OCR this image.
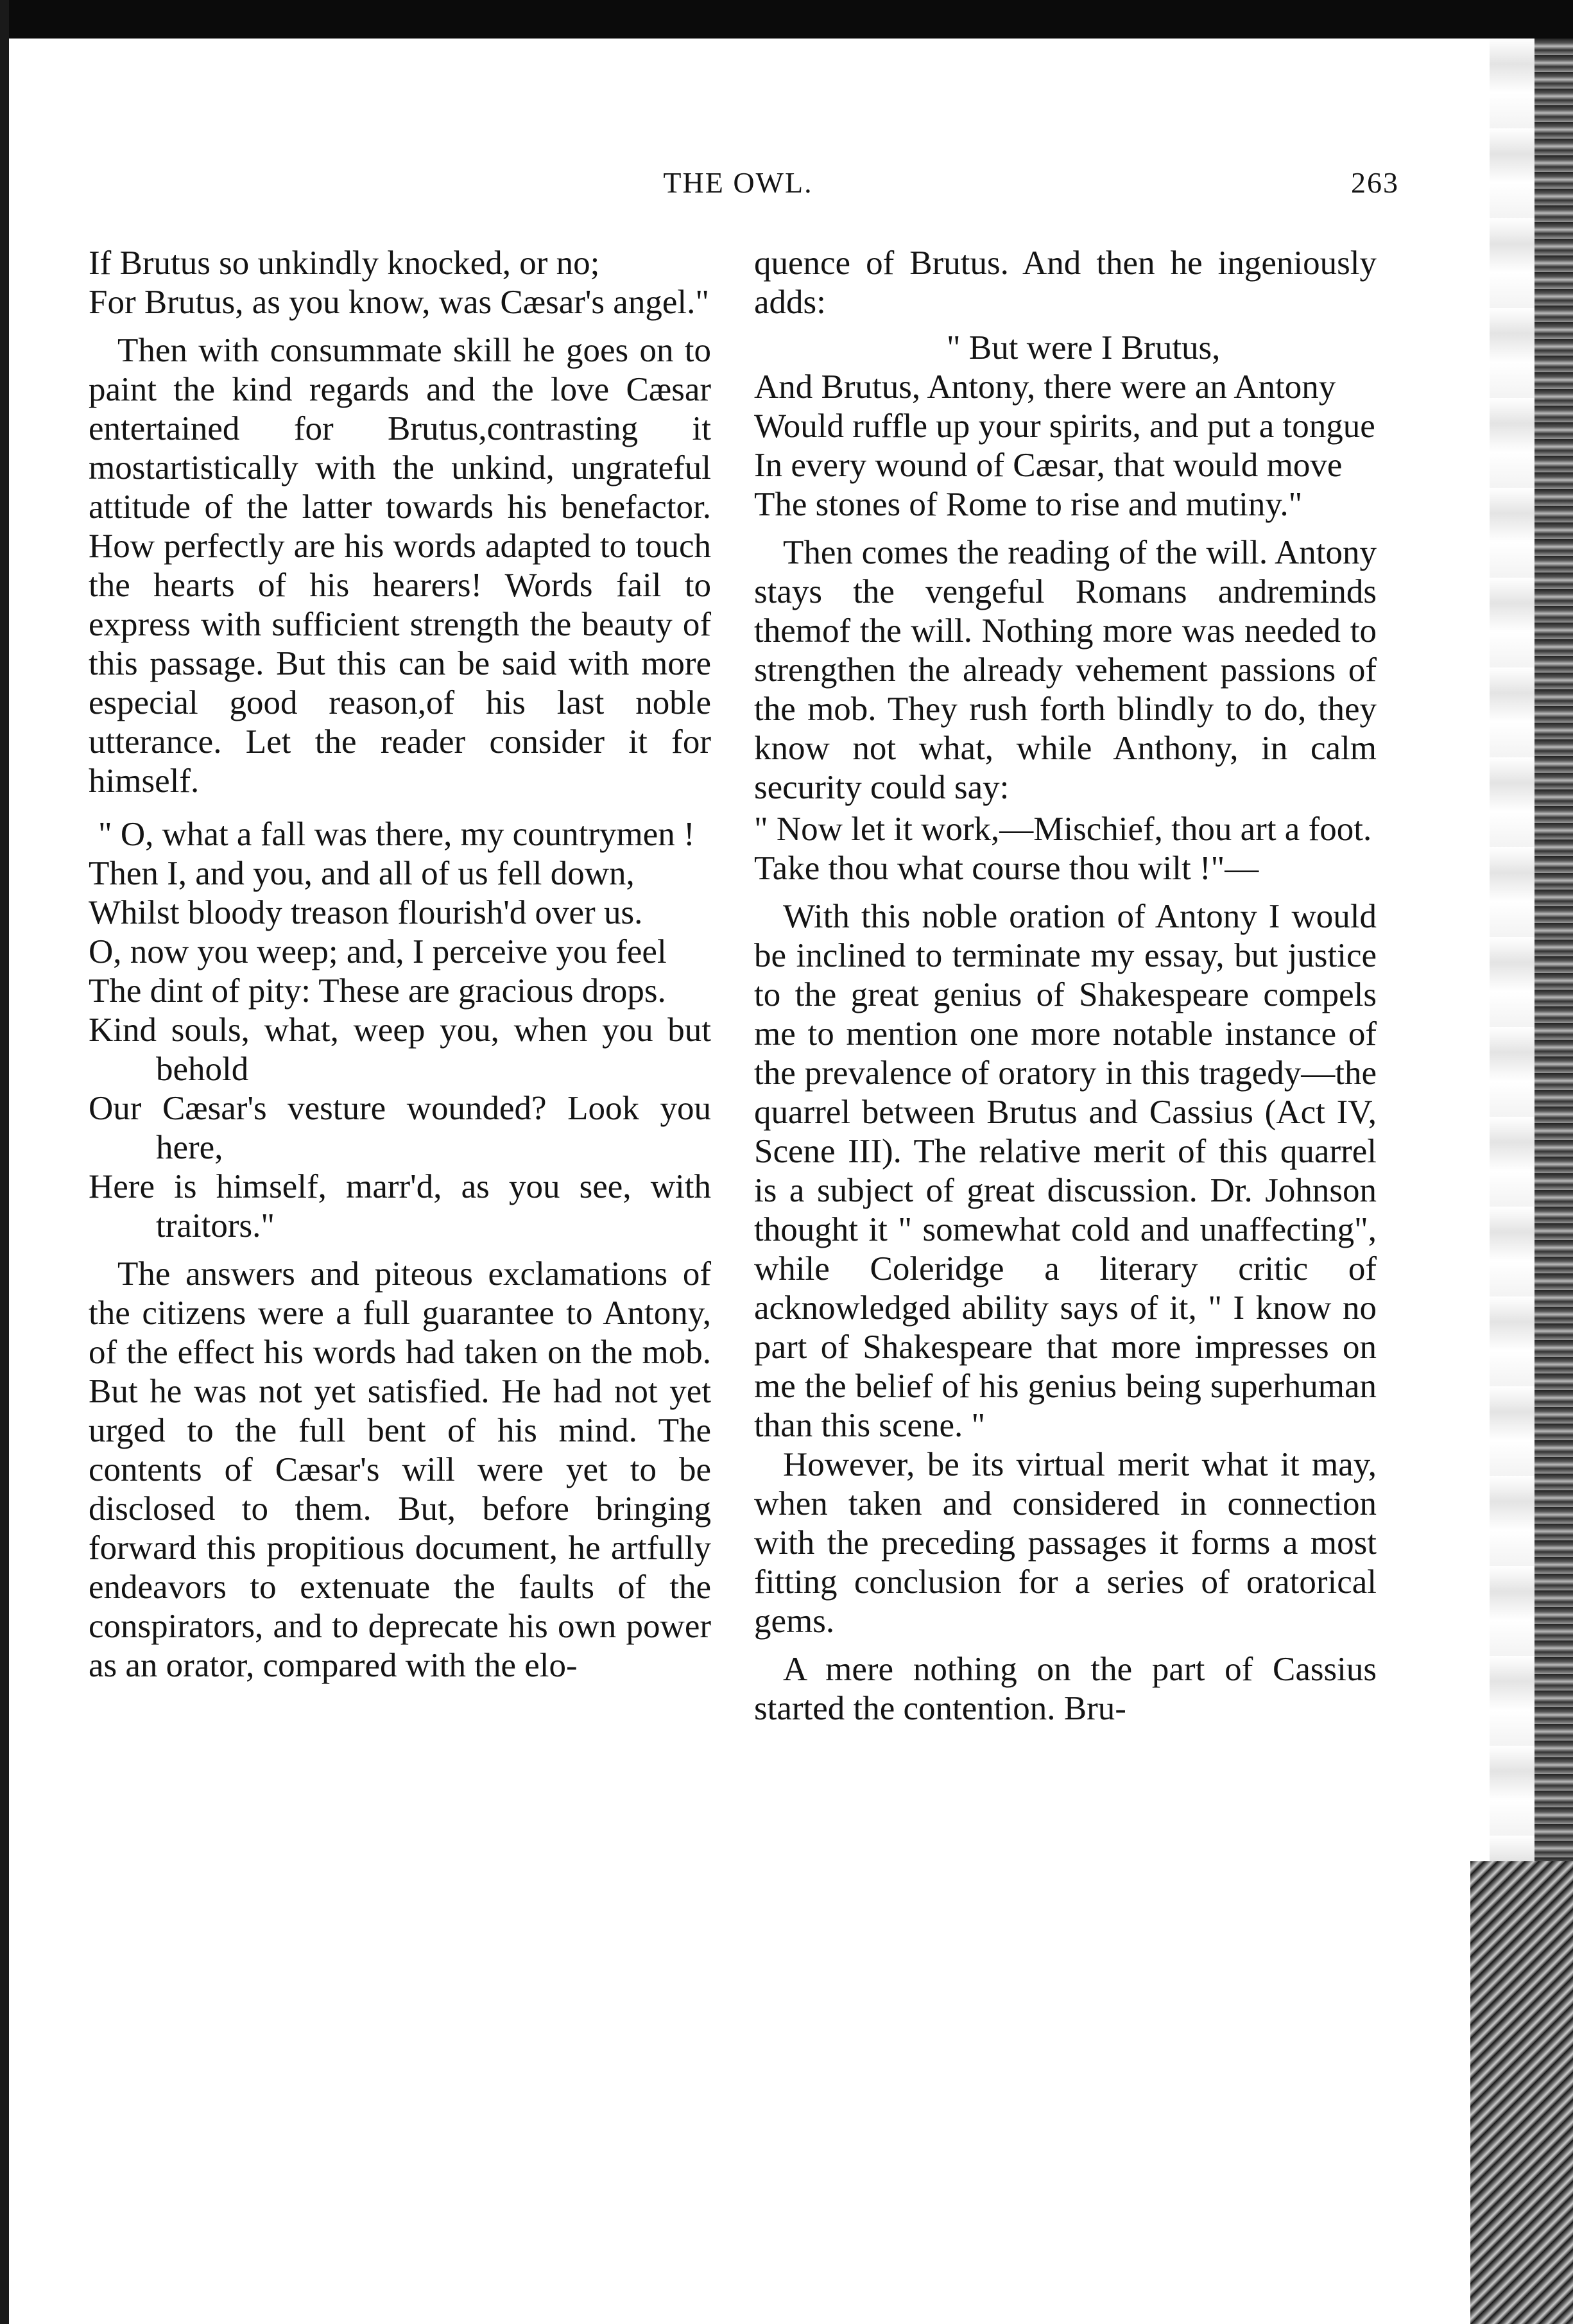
THE OWL.	263
If Brutus so unkindly knocked, or no;
For Brutus, as you know, was Cæsar's angel."

Then with consummate skill he goes on to paint the kind regards and the love Cæsar entertained for Brutus,contrasting it mostartistically with the unkind, ungrateful attitude of the latter towards his benefactor. How perfectly are his words adapted to touch the hearts of his hearers! Words fail to express with sufficient strength the beauty of this passage. But this can be said with more especial good reason,of his last noble utterance. Let the reader consider it for himself.

" O, what a fall was there, my countrymen !
Then I, and you, and all of us fell down,
Whilst bloody treason flourish'd over us.
O, now you weep; and, I perceive you feel
The dint of pity: These are gracious drops.
Kind souls, what, weep you, when you but behold
Our Cæsar's vesture wounded? Look you here,
Here is himself, marr'd, as you see, with traitors."

The answers and piteous exclamations of the citizens were a full guarantee to Antony, of the effect his words had taken on the mob. But he was not yet satisfied. He had not yet urged to the full bent of his mind. The contents of Cæsar's will were yet to be disclosed to them. But, before bringing forward this propitious document, he artfully endeavors to extenuate the faults of the conspirators, and to deprecate his own power as an orator, compared with the elo-

quence of Brutus. And then he ingeniously adds:

" But were I Brutus,
And Brutus, Antony, there were an Antony
Would ruffle up your spirits, and put a tongue
In every wound of Cæsar, that would move
The stones of Rome to rise and mutiny."

Then comes the reading of the will. Antony stays the vengeful Romans andreminds themof the will. Nothing more was needed to strengthen the already vehement passions of the mob. They rush forth blindly to do, they know not what, while Anthony, in calm security could say:

" Now let it work,—Mischief, thou art a foot.
Take thou what course thou wilt !"—

With this noble oration of Antony I would be inclined to terminate my essay, but justice to the great genius of Shakespeare compels me to mention one more notable instance of the prevalence of oratory in this tragedy—the quarrel between Brutus and Cassius (Act IV, Scene III). The relative merit of this quarrel is a subject of great discussion. Dr. Johnson thought it " somewhat cold and unaffecting", while Coleridge a literary critic of acknowledged ability says of it, " I know no part of Shakespeare that more impresses on me the belief of his genius being superhuman than this scene. "

However, be its virtual merit what it may, when taken and considered in connection with the preceding passages it forms a most fitting conclusion for a series of oratorical gems.

A mere nothing on the part of Cassius started the contention. Bru-
